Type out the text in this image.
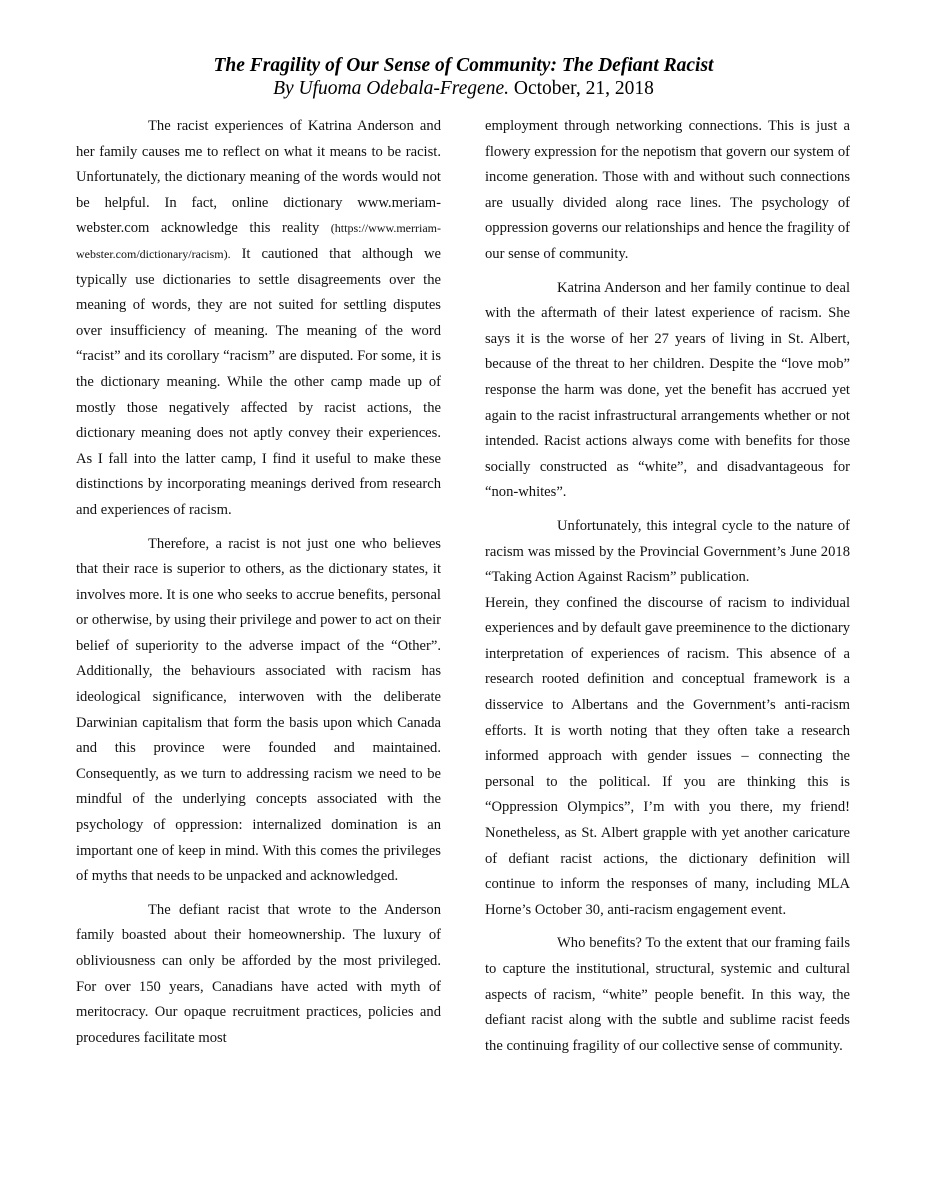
The Fragility of Our Sense of Community: The Defiant Racist

By Ufuoma Odebala-Fregene. October, 21, 2018

The racist experiences of Katrina Anderson and her family causes me to reflect on what it means to be racist. Unfortunately, the dictionary meaning of the words would not be helpful. In fact, online dictionary www.meriam-webster.com acknowledge this reality (https://www.merriam-webster.com/dictionary/racism). It cautioned that although we typically use dictionaries to settle disagreements over the meaning of words, they are not suited for settling disputes over insufficiency of meaning. The meaning of the word “racist” and its corollary “racism” are disputed. For some, it is the dictionary meaning. While the other camp made up of mostly those negatively affected by racist actions, the dictionary meaning does not aptly convey their experiences. As I fall into the latter camp, I find it useful to make these distinctions by incorporating meanings derived from research and experiences of racism.

Therefore, a racist is not just one who believes that their race is superior to others, as the dictionary states, it involves more. It is one who seeks to accrue benefits, personal or otherwise, by using their privilege and power to act on their belief of superiority to the adverse impact of the “Other”. Additionally, the behaviours associated with racism has ideological significance, interwoven with the deliberate Darwinian capitalism that form the basis upon which Canada and this province were founded and maintained. Consequently, as we turn to addressing racism we need to be mindful of the underlying concepts associated with the psychology of oppression: internalized domination is an important one of keep in mind. With this comes the privileges of myths that needs to be unpacked and acknowledged.

The defiant racist that wrote to the Anderson family boasted about their homeownership. The luxury of obliviousness can only be afforded by the most privileged. For over 150 years, Canadians have acted with myth of meritocracy. Our opaque recruitment practices, policies and procedures facilitate most

employment through networking connections. This is just a flowery expression for the nepotism that govern our system of income generation. Those with and without such connections are usually divided along race lines. The psychology of oppression governs our relationships and hence the fragility of our sense of community.

Katrina Anderson and her family continue to deal with the aftermath of their latest experience of racism. She says it is the worse of her 27 years of living in St. Albert, because of the threat to her children. Despite the “love mob” response the harm was done, yet the benefit has accrued yet again to the racist infrastructural arrangements whether or not intended. Racist actions always come with benefits for those socially constructed as “white”, and disadvantageous for “non-whites”.

Unfortunately, this integral cycle to the nature of racism was missed by the Provincial Government’s June 2018 “Taking Action Against Racism” publication.

Herein, they confined the discourse of racism to individual experiences and by default gave preeminence to the dictionary interpretation of experiences of racism. This absence of a research rooted definition and conceptual framework is a disservice to Albertans and the Government’s anti-racism efforts. It is worth noting that they often take a research informed approach with gender issues – connecting the personal to the political. If you are thinking this is “Oppression Olympics”, I’m with you there, my friend! Nonetheless, as St. Albert grapple with yet another caricature of defiant racist actions, the dictionary definition will continue to inform the responses of many, including MLA Horne’s October 30, anti-racism engagement event.

Who benefits? To the extent that our framing fails to capture the institutional, structural, systemic and cultural aspects of racism, “white” people benefit. In this way, the defiant racist along with the subtle and sublime racist feeds the continuing fragility of our collective sense of community.
